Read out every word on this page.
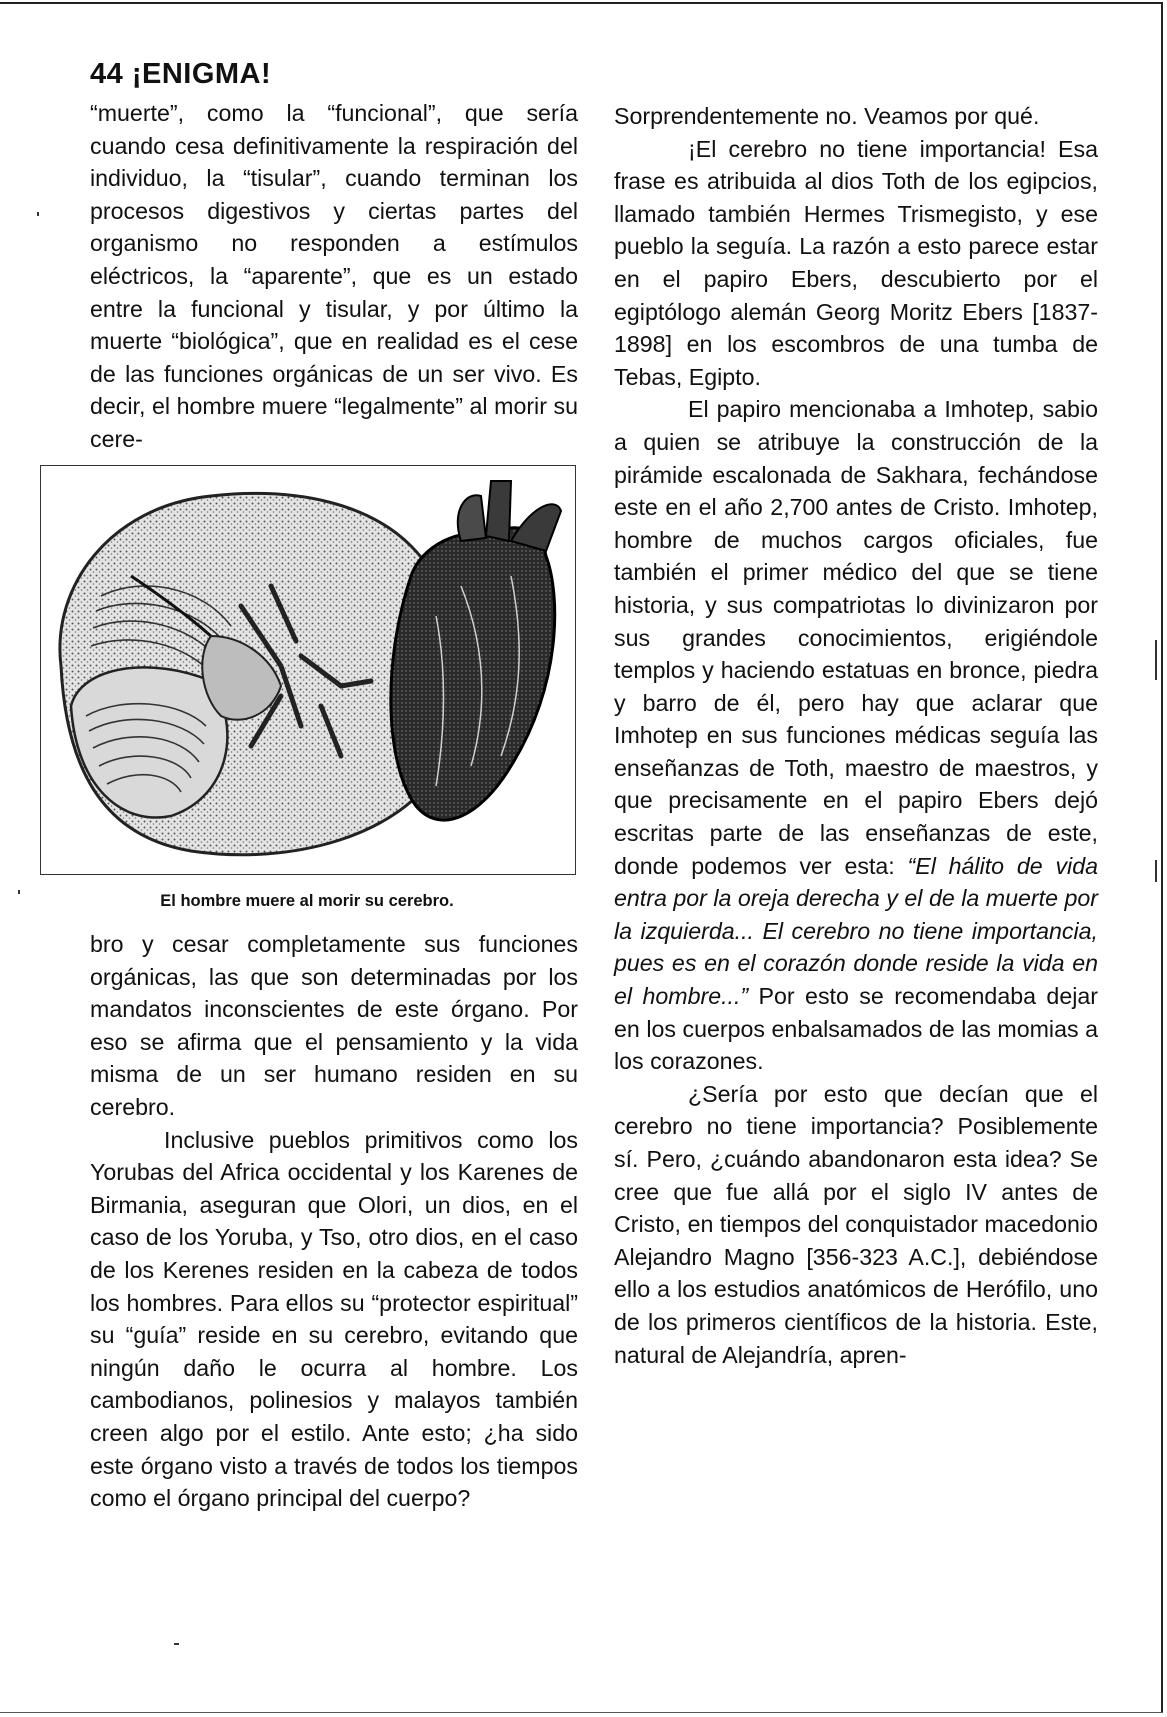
44 ¡ENIGMA!

“muerte”, como la “funcional”, que sería cuando cesa definitivamente la respiración del individuo, la “tisular”, cuando terminan los procesos digestivos y ciertas partes del organismo no responden a estímulos eléctricos, la “aparente”, que es un estado entre la funcional y tisular, y por último la muerte “biológica”, que en realidad es el cese de las funciones orgánicas de un ser vivo. Es decir, el hombre muere “legalmente” al morir su cere-

El hombre muere al morir su cerebro.

bro y cesar completamente sus funciones orgánicas, las que son determinadas por los mandatos inconscientes de este órgano. Por eso se afirma que el pensamiento y la vida misma de un ser humano residen en su cerebro.

Inclusive pueblos primitivos como los Yorubas del Africa occidental y los Karenes de Birmania, aseguran que Olori, un dios, en el caso de los Yoruba, y Tso, otro dios, en el caso de los Kerenes residen en la cabeza de todos los hombres. Para ellos su “protector espiritual” su “guía” reside en su cerebro, evitando que ningún daño le ocurra al hombre. Los cambodianos, polinesios y malayos también creen algo por el estilo. Ante esto; ¿ha sido este órgano visto a través de todos los tiempos como el órgano principal del cuerpo?

Sorprendentemente no. Veamos por qué.

¡El cerebro no tiene importancia! Esa frase es atribuida al dios Toth de los egipcios, llamado también Hermes Trismegisto, y ese pueblo la seguía. La razón a esto parece estar en el papiro Ebers, descubierto por el egiptólogo alemán Georg Moritz Ebers [1837-1898] en los escombros de una tumba de Tebas, Egipto.

El papiro mencionaba a Imhotep, sabio a quien se atribuye la construcción de la pirámide escalonada de Sakhara, fechándose este en el año 2,700 antes de Cristo. Imhotep, hombre de muchos cargos oficiales, fue también el primer médico del que se tiene historia, y sus compatriotas lo divinizaron por sus grandes conocimientos, erigiéndole templos y haciendo estatuas en bronce, piedra y barro de él, pero hay que aclarar que Imhotep en sus funciones médicas seguía las enseñanzas de Toth, maestro de maestros, y que precisamente en el papiro Ebers dejó escritas parte de las enseñanzas de este, donde podemos ver esta: “El hálito de vida entra por la oreja derecha y el de la muerte por la izquierda... El cerebro no tiene importancia, pues es en el corazón donde reside la vida en el hombre...” Por esto se recomendaba dejar en los cuerpos enbalsamados de las momias a los corazones.

¿Sería por esto que decían que el cerebro no tiene importancia? Posiblemente sí. Pero, ¿cuándo abandonaron esta idea? Se cree que fue allá por el siglo IV antes de Cristo, en tiempos del conquistador macedonio Alejandro Magno [356-323 A.C.], debiéndose ello a los estudios anatómicos de Herófilo, uno de los primeros científicos de la historia. Este, natural de Alejandría, apren-
